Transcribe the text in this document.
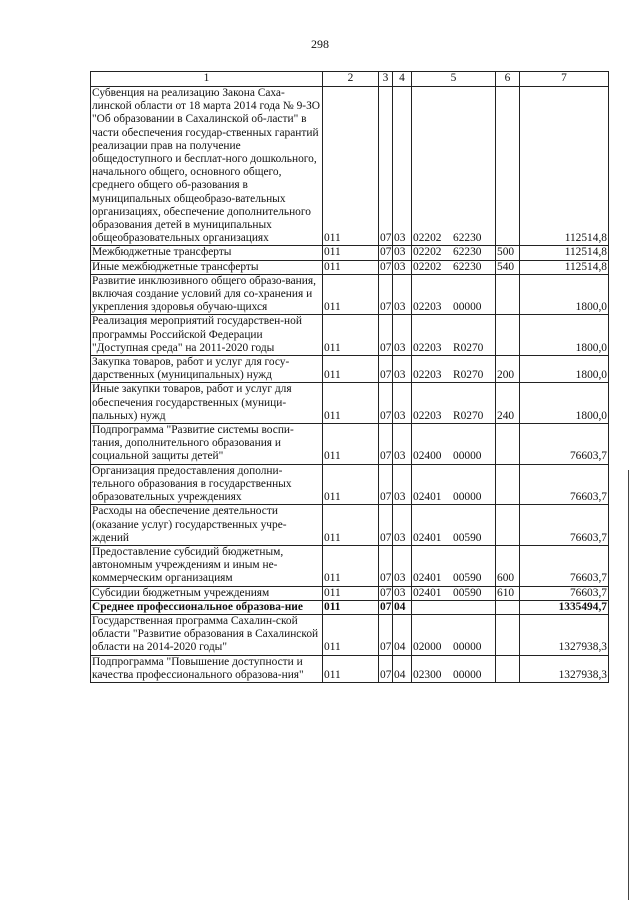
298
1	2	3	4	5	6	7
Субвенция на реализацию Закона Саха-линской области от 18 марта 2014 года № 9-ЗО "Об образовании в Сахалинской об-ласти" в части обеспечения государ-ственных гарантий реализации прав на получение общедоступного и бесплат-ного дошкольного, начального общего, основного общего, среднего общего об-разования в муниципальных общеобразо-вательных организациях, обеспечение дополнительного образования детей в муниципальных общеобразовательных организациях	011	07	03	02202 62230		112514,8
Межбюджетные трансферты	011	07	03	02202 62230	500	112514,8
Иные межбюджетные трансферты	011	07	03	02202 62230	540	112514,8
Развитие инклюзивного общего образо-вания, включая создание условий для со-хранения и укрепления здоровья обучаю-щихся	011	07	03	02203 00000		1800,0
Реализация мероприятий государствен-ной программы Российской Федерации "Доступная среда" на 2011-2020 годы	011	07	03	02203 R0270		1800,0
Закупка товаров, работ и услуг для госу-дарственных (муниципальных) нужд	011	07	03	02203 R0270	200	1800,0
Иные закупки товаров, работ и услуг для обеспечения государственных (муници-пальных) нужд	011	07	03	02203 R0270	240	1800,0
Подпрограмма "Развитие системы воспи-тания, дополнительного образования и социальной защиты детей"	011	07	03	02400 00000		76603,7
Организация предоставления дополни-тельного образования в государственных образовательных учреждениях	011	07	03	02401 00000		76603,7
Расходы на обеспечение деятельности (оказание услуг) государственных учре-ждений	011	07	03	02401 00590		76603,7
Предоставление субсидий бюджетным, автономным учреждениям и иным не-коммерческим организациям	011	07	03	02401 00590	600	76603,7
Субсидии бюджетным учреждениям	011	07	03	02401 00590	610	76603,7
Среднее профессиональное образова-ние	011	07	04			1335494,7
Государственная программа Сахалин-ской области "Развитие образования в Сахалинской области на 2014-2020 годы"	011	07	04	02000 00000		1327938,3
Подпрограмма "Повышение доступности и качества профессионального образова-ния"	011	07	04	02300 00000		1327938,3
